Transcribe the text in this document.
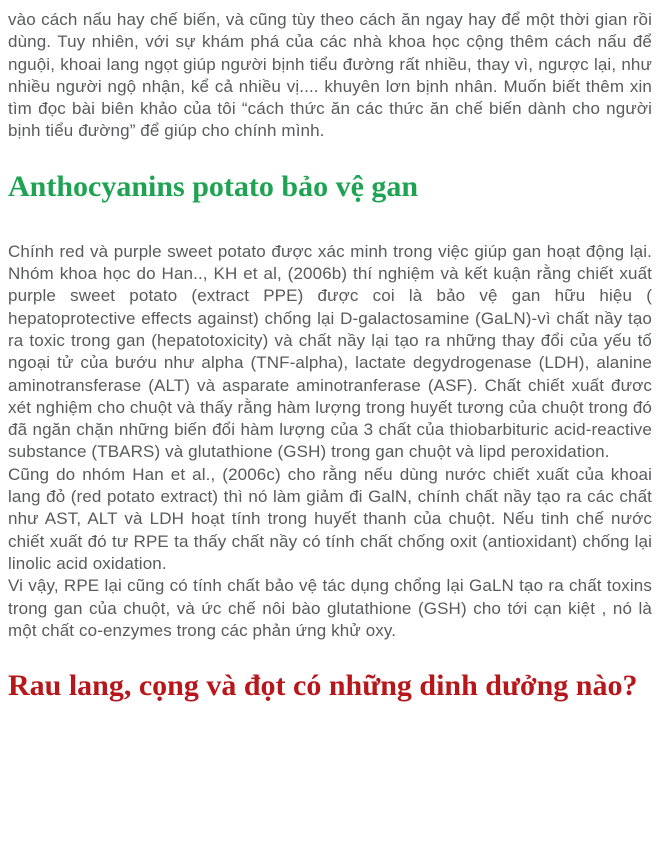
vào cách nấu hay chế biến, và cũng tùy theo cách ăn ngay hay để một thời gian rồi dùng. Tuy nhiên, với sự khám phá của các nhà khoa học cộng thêm cách nấu để nguội, khoai lang ngọt giúp người bịnh tiểu đường rất nhiều, thay vì, ngược lại, như nhiều người ngộ nhận, kể cả nhiều vị.... khuyên lơn bịnh nhân. Muốn biết thêm xin tìm đọc bài biên khảo của tôi “cách thức ăn các thức ăn chế biến dành cho người bịnh tiểu đường” để giúp cho chính mình.

Anthocyanins potato bảo vệ gan

Chính red và purple sweet potato được xác minh trong việc giúp gan hoạt động lại. Nhóm khoa học do Han.., KH et al, (2006b) thí nghiệm và kết kuận rằng chiết xuất purple sweet potato (extract PPE) được coi là bảo vệ gan hữu hiệu ( hepatoprotective effects against) chống lại D-galactosamine (GaLN)-vì chất nầy tạo ra toxic trong gan (hepatotoxicity) và chất nầy lại tạo ra những thay đổi của yếu tố ngoại tử của bướu như alpha (TNF-alpha), lactate degydrogenase (LDH), alanine aminotransferase (ALT) và asparate aminotranferase (ASF). Chất chiết xuất đươc xét nghiệm cho chuột và thấy rằng hàm lượng trong huyết tương của chuột trong đó đã ngăn chặn những biến đổi hàm lượng của 3 chất của thiobarbituric acid-reactive substance (TBARS) và glutathione (GSH) trong gan chuột và lipd peroxidation.

Cũng do nhóm Han et al., (2006c) cho rằng nếu dùng nước chiết xuất của khoai lang đỏ (red potato extract) thì nó làm giảm đi GalN, chính chất nầy tạo ra các chất như AST, ALT và LDH hoạt tính trong huyết thanh của chuột. Nếu tinh chế nước chiết xuất đó tư RPE ta thấy chất nầy có tính chất chống oxit (antioxidant) chống lại linolic acid oxidation.

Vi vậy, RPE lại cũng có tính chất bảo vệ tác dụng chổng lại GaLN tạo ra chất toxins trong gan của chuột, và ức chế nôi bào glutathione (GSH) cho tới cạn kiệt , nó là một chất co-enzymes trong các phản ứng khử oxy.

Rau lang, cọng và đọt có những dinh dưởng nào?
